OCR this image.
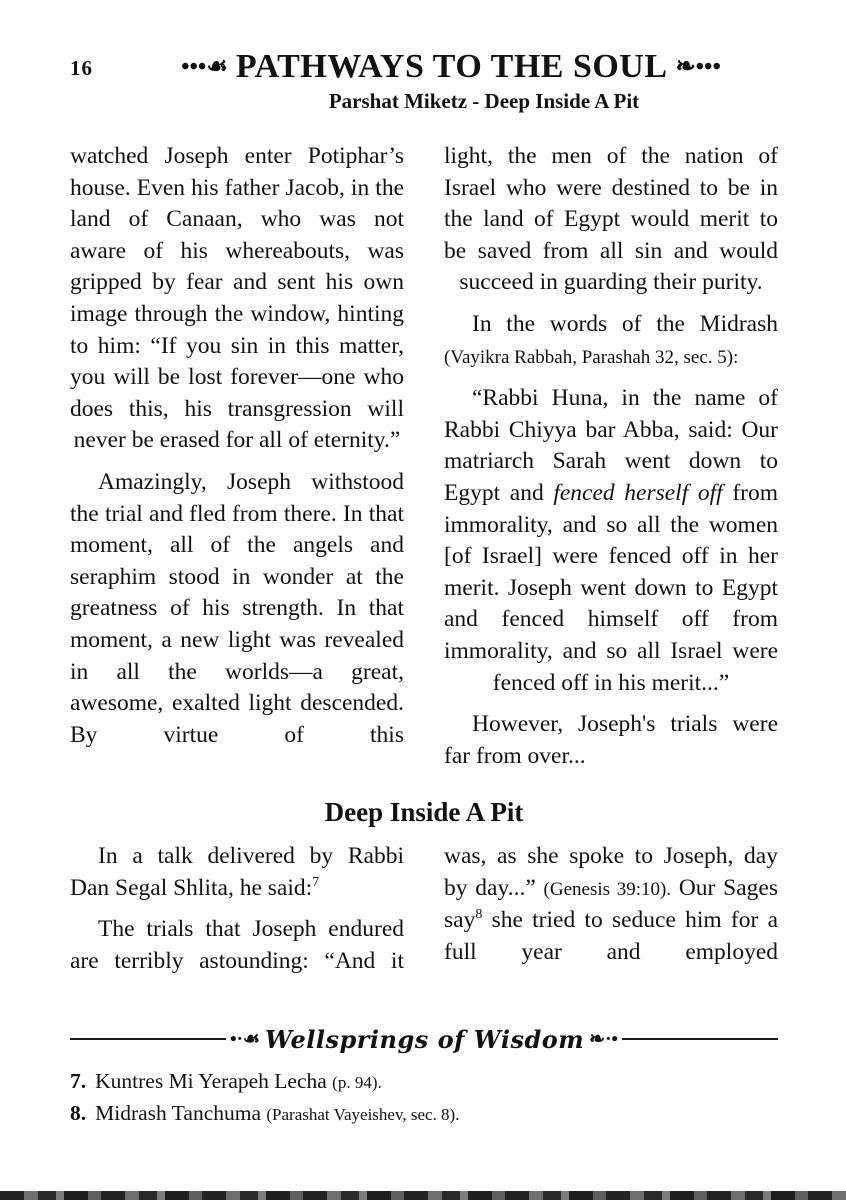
16	•••☙ PATHWAYS TO THE SOUL ❧•••
Parshat Miketz - Deep Inside A Pit

watched Joseph enter Potiphar’s house. Even his father Jacob, in the land of Canaan, who was not aware of his whereabouts, was gripped by fear and sent his own image through the window, hinting to him: “If you sin in this matter, you will be lost forever—one who does this, his transgression will never be erased for all of eternity.”

Amazingly, Joseph withstood the trial and fled from there. In that moment, all of the angels and seraphim stood in wonder at the greatness of his strength. In that moment, a new light was revealed in all the worlds—a great, awesome, exalted light descended. By virtue of this

light, the men of the nation of Israel who were destined to be in the land of Egypt would merit to be saved from all sin and would succeed in guarding their purity.

In the words of the Midrash (Vayikra Rabbah, Parashah 32, sec. 5):

“Rabbi Huna, in the name of Rabbi Chiyya bar Abba, said: Our matriarch Sarah went down to Egypt and fenced herself off from immorality, and so all the women [of Israel] were fenced off in her merit. Joseph went down to Egypt and fenced himself off from immorality, and so all Israel were fenced off in his merit...”

However, Joseph's trials were far from over...

Deep Inside A Pit

In a talk delivered by Rabbi Dan Segal Shlita, he said:$^7$

The trials that Joseph endured are terribly astounding: “And it

was, as she spoke to Joseph, day by day...” (Genesis 39:10). Our Sages say$^8$ she tried to seduce him for a full year and employed

•·☙ Wellsprings of Wisdom ❧·•
7. Kuntres Mi Yerapeh Lecha (p. 94).
8. Midrash Tanchuma (Parashat Vayeishev, sec. 8).
